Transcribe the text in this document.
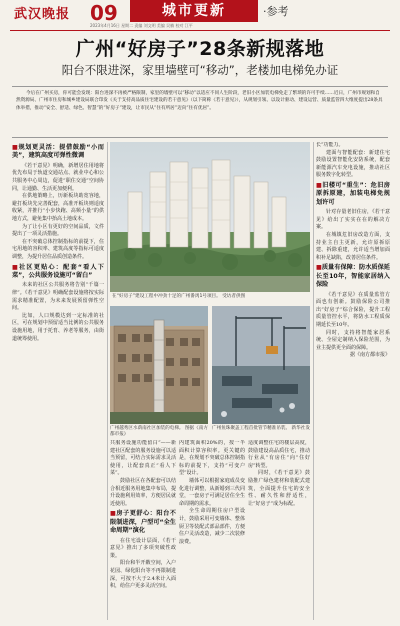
武汉晚报 09	城市更新	·参考
2023年4月16日 星期二 责编 刘文明 美编 吴楠 校对 江平
广州“好房子”28条新规落地
阳台不限进深，家里墙壁可“移动”，老楼加电梯免办证
今后在广州买房，你可能会发现：阳台进深不再被严格限制，家里的墙壁可以“移动”以适应不同人生阶段，老旧小区加装电梯免走了繁琐的许可手续……近日，广州市规划和自然资源局、广州市住房和城乡建设局联合印发《关于支持高品质住宅建设的若干意见》（以下简称《若干意见》），从规划引领、以设计驱动、建设运营、质量监管四大维度提出28条具体举措，推动“安全、舒适、绿色、智慧”的“好房子”建设，让市民从“住有所居”迈向“住有优居”。
■规划更灵活：提借鼓励“小而美”，建筑高度可弹性微调

《若干意见》明确，新增居住用地将优先布局于轨道交通站点、就业中心和公共服务中心周边，促进“职住交通”空间协同，让通勤、生活更加便利。

在供地策略上，历新板块助宽容地，避打板块先完善配套，高准开板块则适度收紧，并推行“小步快跑、高频小量”的供地方式，避免集中抬高土地成本。

为了让小区有更好的空间品质，文件提出了一项灵活措施。

在不突破总体控制指标的前提下，住宅用地的容积率、建筑高度等指标可适度调整，为提升居住品质创造条件。

■社区更贴心：配套“看人下菜”，公共服务设施可“留白”

未来的社区公共服务将告别“千篇一律”。《若干意见》明确配套设施将按实际需求精准配置，为未来发展预留弹性空间。

比如，人口规模达到一定标准的社区，可在规划中预留适当比例的公共服务设施用地，用于托育、养老等服务，由街道统筹使用。

在“好房子”建设工程中冲劲十足的广州番禺1号项目。 受访者供图

长”功能力。

建面与智能配套：新建住宅鼓励设置智能化安防系统，配套新能源汽车充电设施，推动社区服务数字化转型。

■旧楼可“重生”：危旧房原拆原建，加装电梯免规划许可

针对存量老旧住房，《若干意见》给出了实实在在的解决方案。

在城镇危旧房改造方面，支持业主自主更新，允许原拆原建、拆除重建，允许适当增加面积补足缺陷，改善居住条件。

■质量有保障：防水质保延长至10年，智能家居纳入保险

《若干意见》在质量监管方面也有创新。鼓励保险公司推出“好房子”综合保险，提升工程质量管控水平，将防水工程质保期延长至10年。

同时，支持将智能家居系统、全屋定制纳入保险范围，为业主提供更全面的保障。

据《南方都市报》

广州越秀区水荫南社区加装的电梯。 图据《南方都市报》
广州鱼珠聚盖工程首批管节精准吊装。 新华社发

共服务设施功能留白”——新建社区配套的服务设施可以适当预留，可结合实际需求灵活使用，让配套真正“看人下菜”。

鼓励社区在各配套可以结合相近服务用地集中布局，提升设施利用效率，方便居民就近使用。

■房子更舒心：阳台不限制进深，户型可“全生命周期”演化

在住宅设计层面，《若干意见》推出了多项突破性政策。

阳台和半开敞空间，入户花园、绿化阳台等不再限制进深，可按不大于2.4米计入面积，给住户更多灵活空间。

内建筑面积20%的，按一半面积计算容积率。更关键的是，在规划不突破总体控制指标的前提下，支持“可变户型”设计。

墙体可以根据家庭成员变化进行调整，从新婚到三代同堂，一套房子可满足居住全生命周期的需求。

全生命周期住房户型设计，鼓励采用可变墙体、整体厨卫等装配式部品部件，方便住户灵活改造，减少二次装修浪费。

适度调整住宅的楼层高度，鼓励建设高品质住宅，推动行业从“有房住”向“住好房”转型。

同时，《若干意见》鼓励推广绿色建材和装配式建筑，全面提升住宅的安全性、耐久性和舒适性，让“好房子”成为标配。
